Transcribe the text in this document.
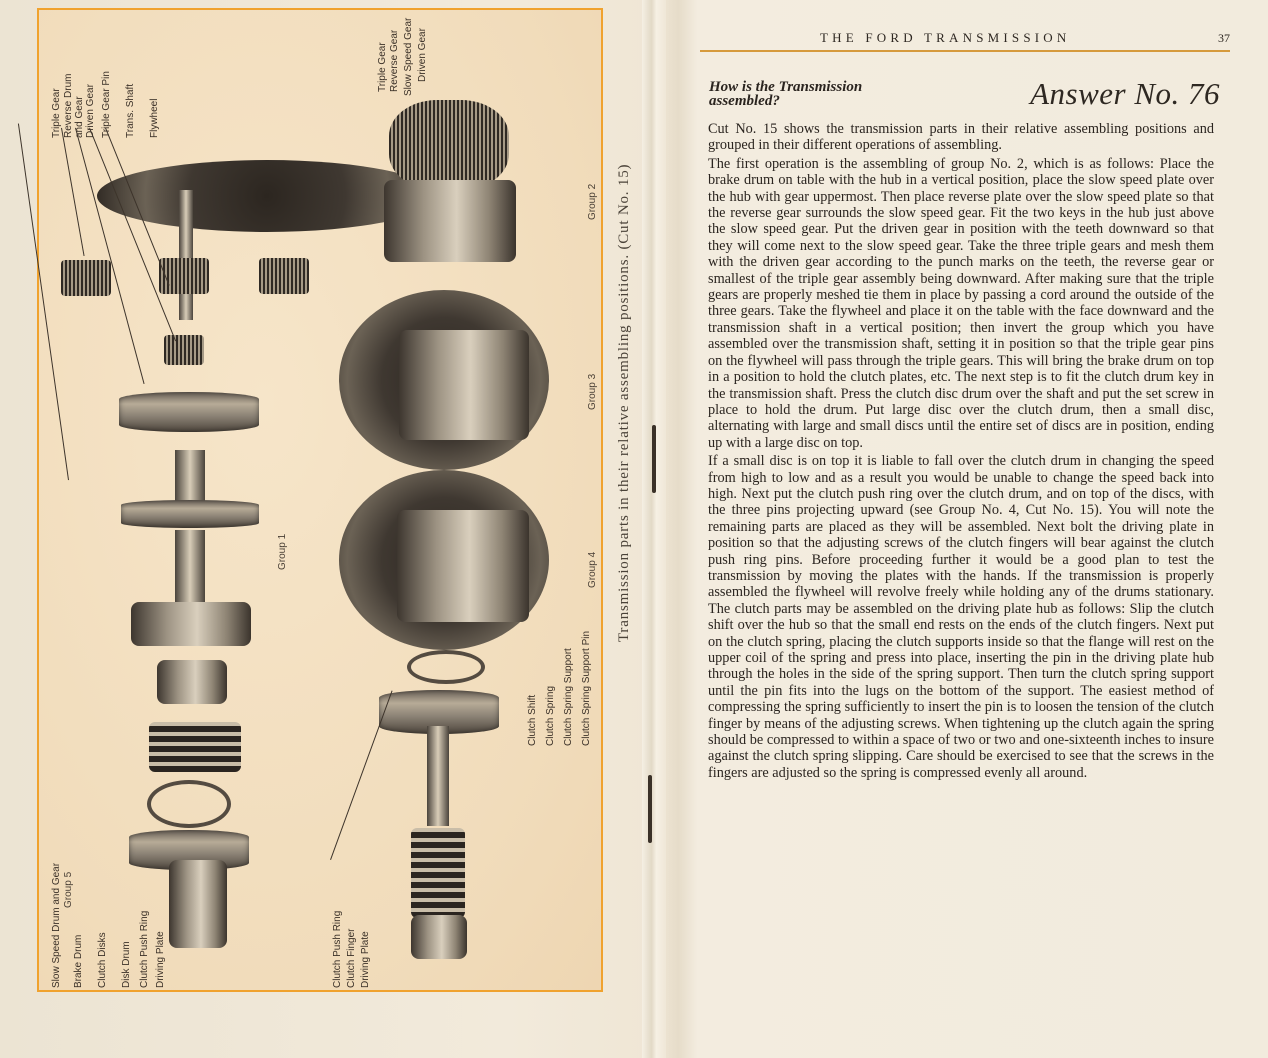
Triple Gear Reverse Drum and Gear Driven Gear Triple Gear Pin Trans. Shaft Flywheel
Triple Gear Reverse Gear Slow Speed Gear Driven Gear
Slow Speed Drum and Gear Brake Drum Clutch Disks Disk Drum Clutch Push Ring Driving Plate	Clutch Push Ring Clutch Finger Driving Plate
Clutch Shift Clutch Spring Clutch Spring Support Clutch Spring Support Pin
Group 1
Group 2
Group 3
Group 4
Group 5
Transmission parts in their relative assembling positions. (Cut No. 15)
THE FORD TRANSMISSION	37
How is the Transmission
assembled?	Answer No. 76

Cut No. 15 shows the transmission parts in their relative assembling positions and grouped in their different operations of assembling.

The first operation is the assembling of group No. 2, which is as follows: Place the brake drum on table with the hub in a vertical position, place the slow speed plate over the hub with gear uppermost. Then place reverse plate over the slow speed plate so that the reverse gear surrounds the slow speed gear. Fit the two keys in the hub just above the slow speed gear. Put the driven gear in position with the teeth downward so that they will come next to the slow speed gear. Take the three triple gears and mesh them with the driven gear according to the punch marks on the teeth, the reverse gear or smallest of the triple gear assembly being downward. After making sure that the triple gears are properly meshed tie them in place by passing a cord around the outside of the three gears. Take the flywheel and place it on the table with the face downward and the transmission shaft in a vertical position; then invert the group which you have assembled over the transmission shaft, setting it in position so that the triple gear pins on the flywheel will pass through the triple gears. This will bring the brake drum on top in a position to hold the clutch plates, etc. The next step is to fit the clutch drum key in the transmission shaft. Press the clutch disc drum over the shaft and put the set screw in place to hold the drum. Put large disc over the clutch drum, then a small disc, alternating with large and small discs until the entire set of discs are in position, ending up with a large disc on top.

If a small disc is on top it is liable to fall over the clutch drum in changing the speed from high to low and as a result you would be unable to change the speed back into high. Next put the clutch push ring over the clutch drum, and on top of the discs, with the three pins projecting upward (see Group No. 4, Cut No. 15). You will note the remaining parts are placed as they will be assembled. Next bolt the driving plate in position so that the adjusting screws of the clutch fingers will bear against the clutch push ring pins. Before proceeding further it would be a good plan to test the transmission by moving the plates with the hands. If the transmission is properly assembled the flywheel will revolve freely while holding any of the drums stationary. The clutch parts may be assembled on the driving plate hub as follows: Slip the clutch shift over the hub so that the small end rests on the ends of the clutch fingers. Next put on the clutch spring, placing the clutch supports inside so that the flange will rest on the upper coil of the spring and press into place, inserting the pin in the driving plate hub through the holes in the side of the spring support. Then turn the clutch spring support until the pin fits into the lugs on the bottom of the support. The easiest method of compressing the spring sufficiently to insert the pin is to loosen the tension of the clutch finger by means of the adjusting screws. When tightening up the clutch again the spring should be compressed to within a space of two or two and one-sixteenth inches to insure against the clutch spring slipping. Care should be exercised to see that the screws in the fingers are adjusted so the spring is compressed evenly all around.
